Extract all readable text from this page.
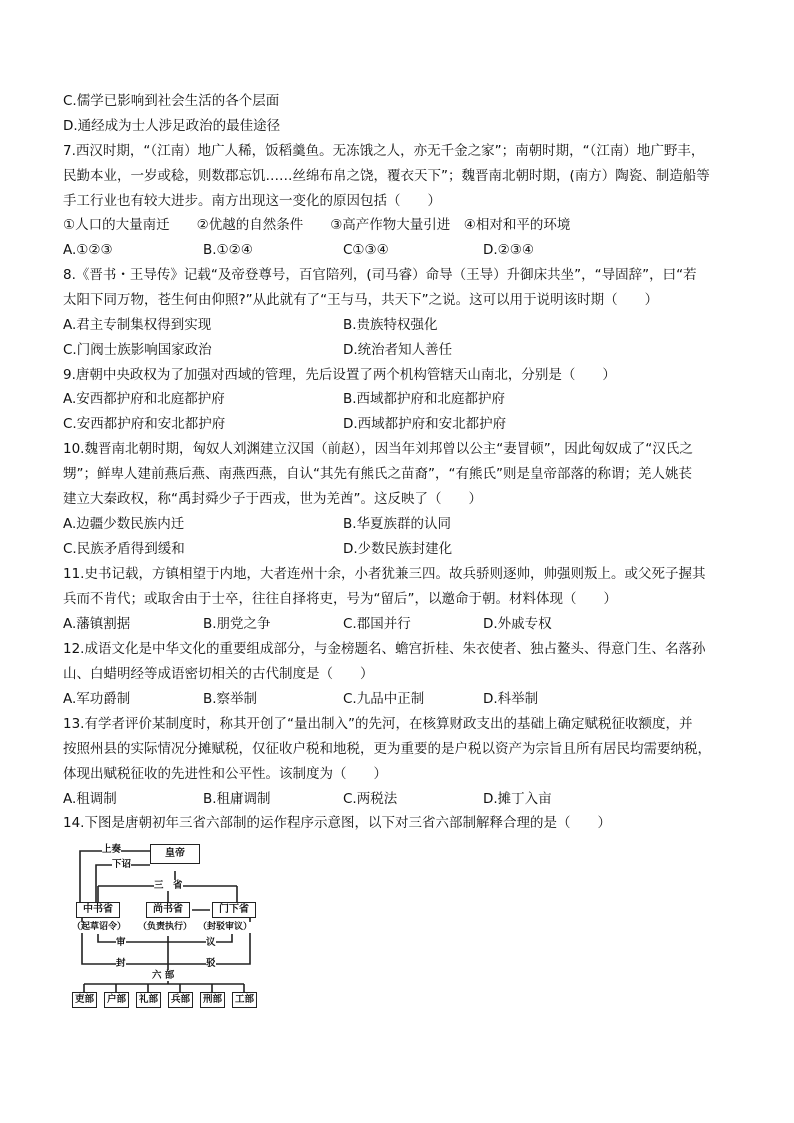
C.儒学已影响到社会生活的各个层面
D.通经成为士人涉足政治的最佳途径
7.西汉时期，“（江南）地广人稀，饭稻羹鱼。无冻饿之人，亦无千金之家”；南朝时期，“（江南）地广野丰，
民勤本业，一岁或稔，则数郡忘饥……丝绵布帛之饶，覆衣天下”；魏晋南北朝时期，(南方）陶瓷、制造船等
手工行业也有较大进步。南方出现这一变化的原因包括（　　）
①人口的大量南迁　　②优越的自然条件　　③高产作物大量引进　④相对和平的环境
A.①②③	B.①②④	C①③④	D.②③④
8.《晋书・王导传》记载“及帝登尊号，百官陪列，(司马睿）命导（王导）升御床共坐”，“导固辞”，曰“若
太阳下同万物，苍生何由仰照?”从此就有了“王与马，共天下”之说。这可以用于说明该时期（　　）
A.君主专制集权得到实现	B.贵族特权强化
C.门阀士族影响国家政治	D.统治者知人善任
9.唐朝中央政权为了加强对西域的管理，先后设置了两个机构管辖天山南北，分别是（　　）
A.安西都护府和北庭都护府	B.西域都护府和北庭都护府
C.安西都护府和安北都护府	D.西域都护府和安北都护府
10.魏晋南北朝时期，匈奴人刘渊建立汉国（前赵），因当年刘邦曾以公主“妻冒顿”，因此匈奴成了“汉氏之
甥”；鲜卑人建前燕后燕、南燕西燕，自认“其先有熊氏之苗裔”，“有熊氏”则是皇帝部落的称谓；羌人姚苌
建立大秦政权，称“禹封舜少子于西戎，世为羌酋”。这反映了（　　）
A.边疆少数民族内迁	B.华夏族群的认同
C.民族矛盾得到缓和	D.少数民族封建化
11.史书记载，方镇相望于内地，大者连州十余，小者犹兼三四。故兵骄则逐帅，帅强则叛上。或父死子握其
兵而不肯代；或取舍由于士卒，往往自择将吏，号为“留后”，以邀命于朝。材料体现（　　）
A.藩镇割据	B.朋党之争	C.郡国并行	D.外戚专权
12.成语文化是中华文化的重要组成部分，与金榜题名、蟾宫折桂、朱衣使者、独占鳌头、得意门生、名落孙
山、白蜡明经等成语密切相关的古代制度是（　　）
A.军功爵制	B.察举制	C.九品中正制	D.科举制
13.有学者评价某制度时，称其开创了“量出制入”的先河，在核算财政支出的基础上确定赋税征收额度，并
按照州县的实际情况分摊赋税，仅征收户税和地税，更为重要的是户税以资产为宗旨且所有居民均需要纳税，
体现出赋税征收的先进性和公平性。该制度为（　　）
A.租调制	B.租庸调制	C.两税法	D.摊丁入亩
14.下图是唐朝初年三省六部制的运作程序示意图，以下对三省六部制解释合理的是（　　）
皇帝
上奏
下诏
三　省
中书省	尚书省	门下省
（起草诏令） （负责执行） （封驳审议）
审	议
封	驳
六 部
吏部	户部	礼部	兵部	刑部	工部
